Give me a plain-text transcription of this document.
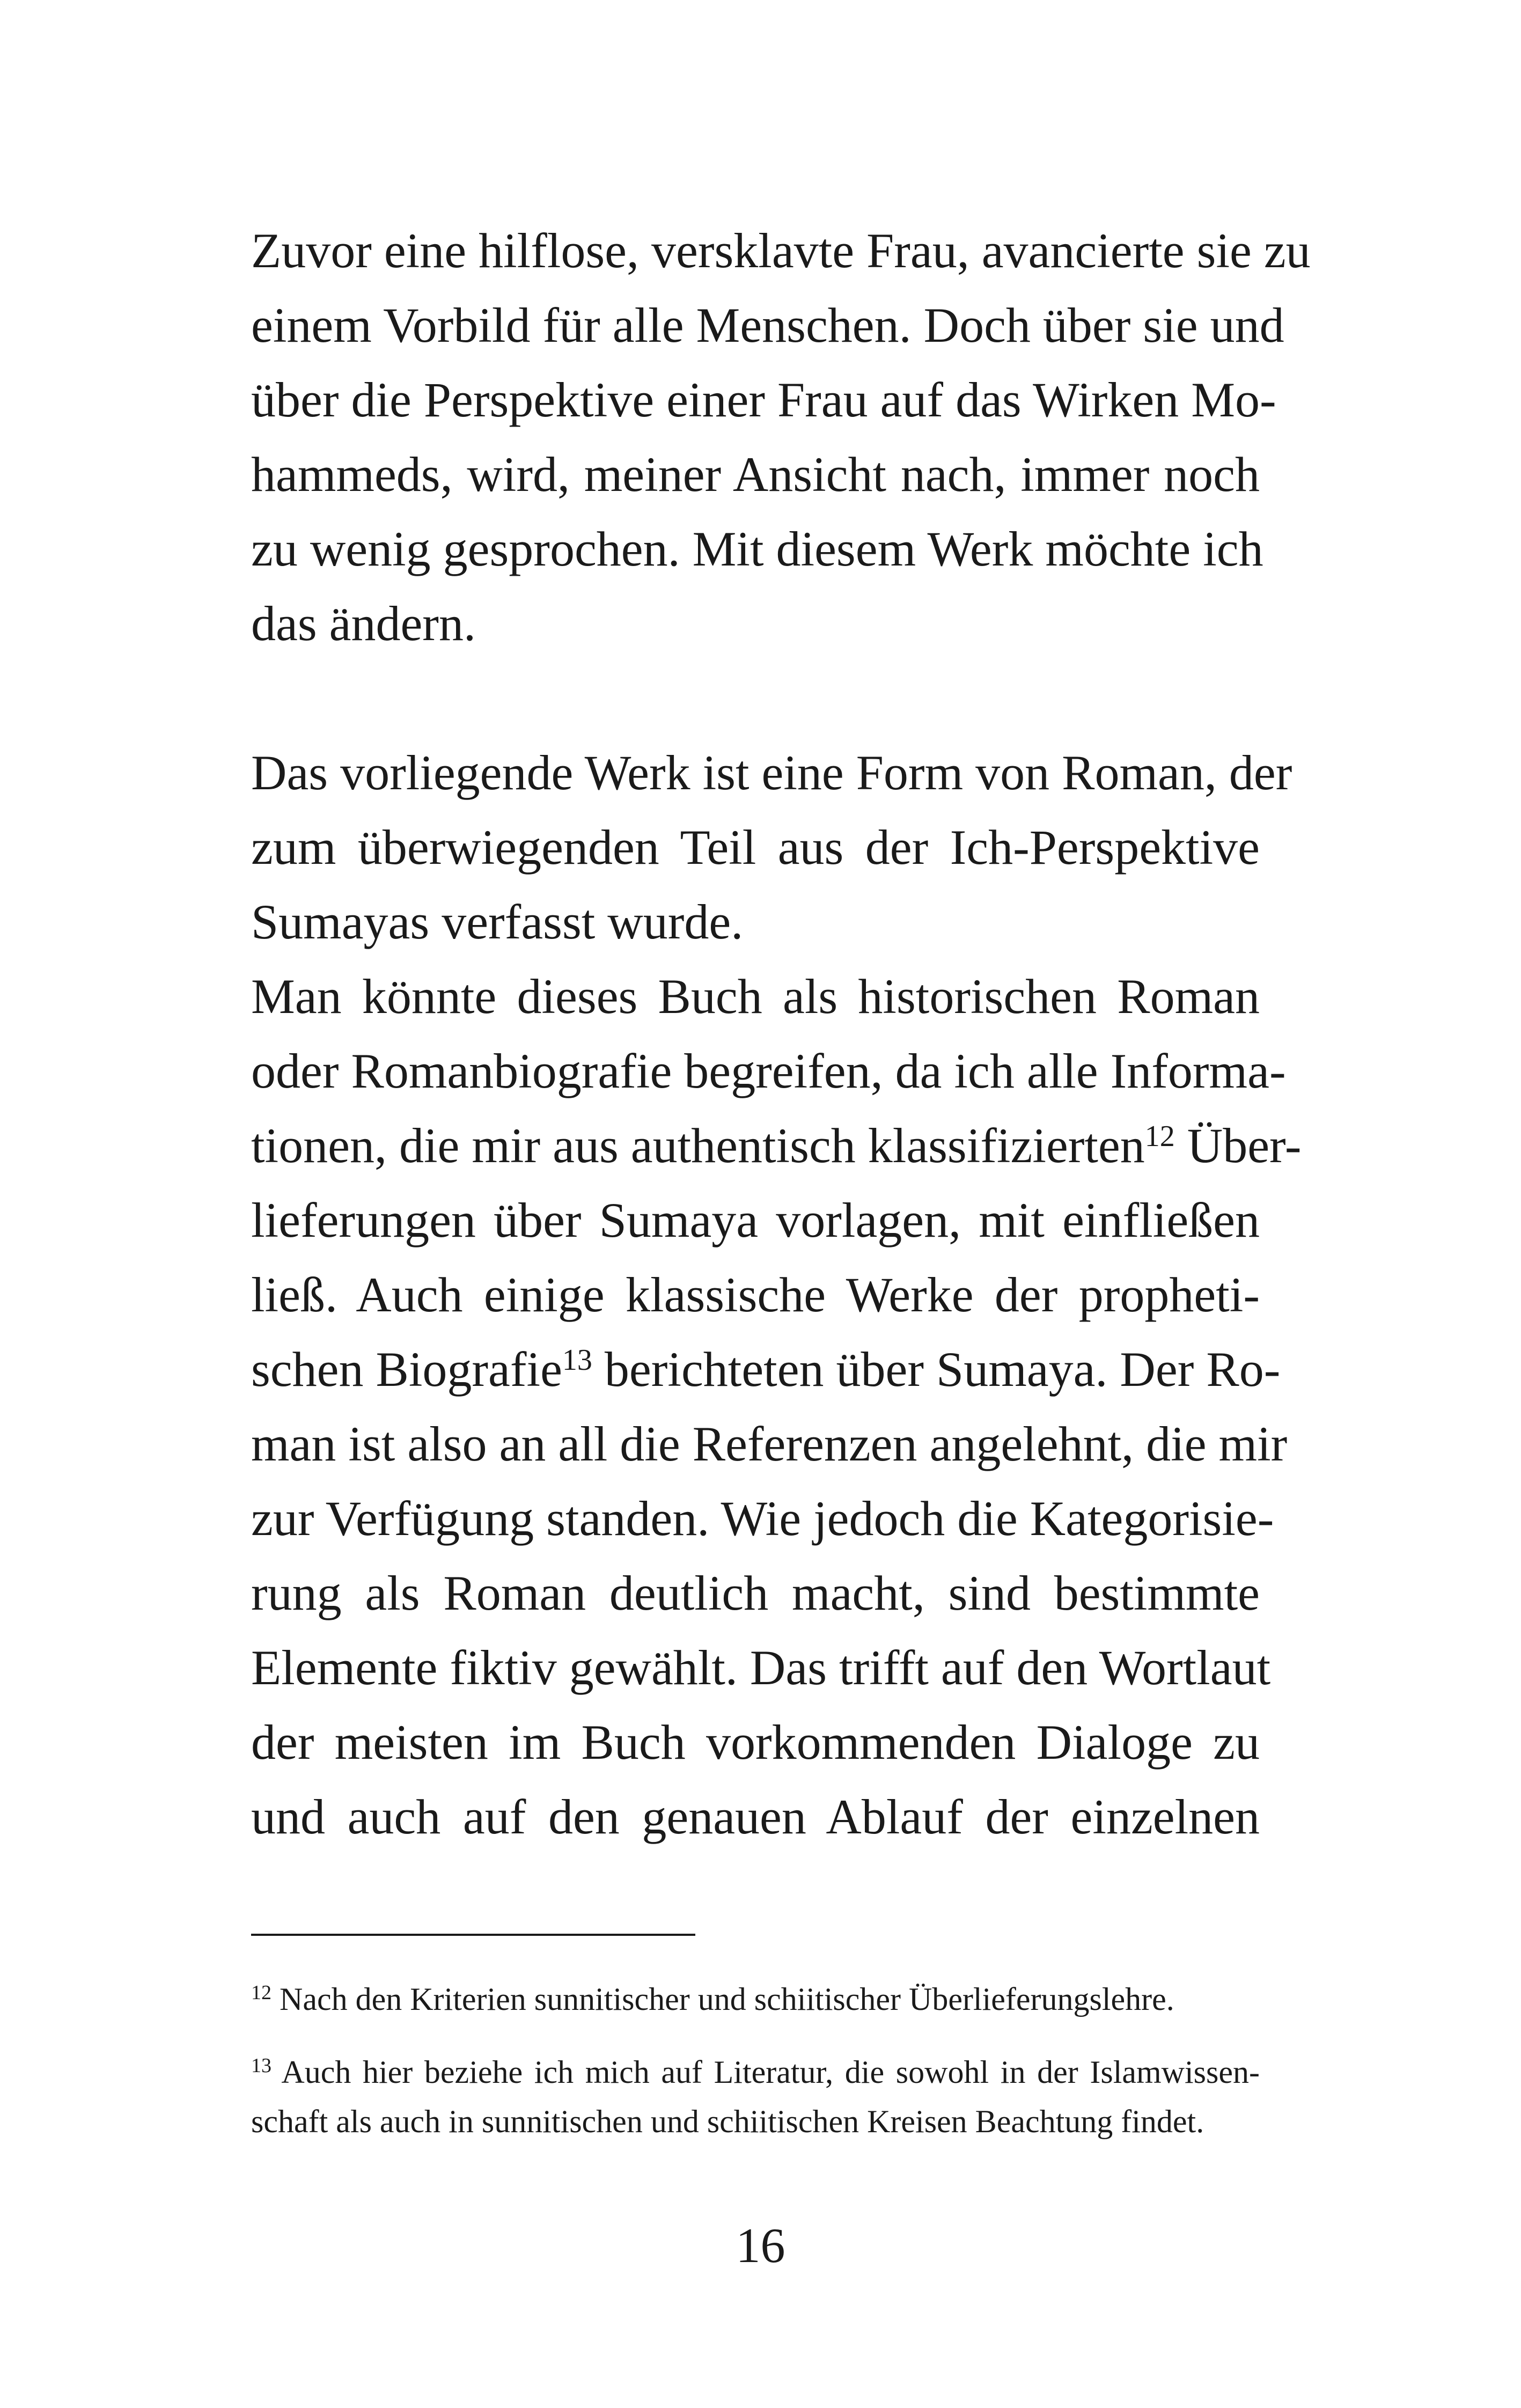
Zuvor eine hilflose, versklavte Frau, avancierte sie zu
einem Vorbild für alle Menschen. Doch über sie und
über die Perspektive einer Frau auf das Wirken Mo-
hammeds, wird, meiner Ansicht nach, immer noch
zu wenig gesprochen. Mit diesem Werk möchte ich
das ändern.
Das vorliegende Werk ist eine Form von Roman, der
zum überwiegenden Teil aus der Ich-Perspektive
Sumayas verfasst wurde.
Man könnte dieses Buch als historischen Roman
oder Romanbiografie begreifen, da ich alle Informa-
tionen, die mir aus authentisch klassifizierten$^{12}$ Über-
lieferungen über Sumaya vorlagen, mit einfließen
ließ. Auch einige klassische Werke der propheti-
schen Biografie$^{13}$ berichteten über Sumaya. Der Ro-
man ist also an all die Referenzen angelehnt, die mir
zur Verfügung standen. Wie jedoch die Kategorisie-
rung als Roman deutlich macht, sind bestimmte
Elemente fiktiv gewählt. Das trifft auf den Wortlaut
der meisten im Buch vorkommenden Dialoge zu
und auch auf den genauen Ablauf der einzelnen
$^{12}$ Nach den Kriterien sunnitischer und schiitischer Überlieferungslehre.
$^{13}$ Auch hier beziehe ich mich auf Literatur, die sowohl in der Islamwissen-
schaft als auch in sunnitischen und schiitischen Kreisen Beachtung findet.
16
